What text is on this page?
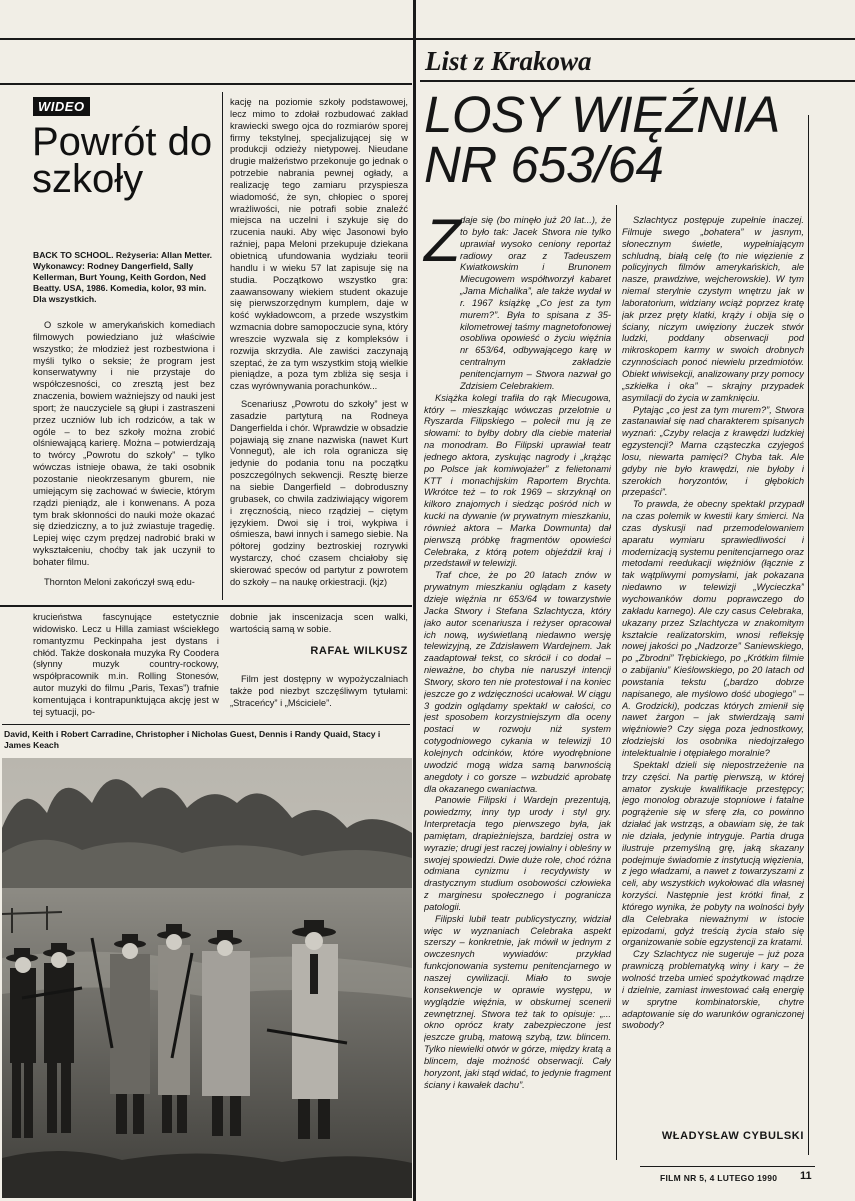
WIDEO
Powrót do szkoły
BACK TO SCHOOL. Reżyseria: Allan Metter. Wykonawcy: Rodney Dangerfield, Sally Kellerman, Burt Young, Keith Gordon, Ned Beatty. USA, 1986. Komedia, kolor, 93 min. Dla wszystkich.

O szkole w amerykańskich komediach filmowych powiedziano już właściwie wszystko; że młodzież jest rozbestwiona i myśli tylko o seksie; że program jest konserwatywny i nie przystaje do współczesności, co zresztą jest bez znaczenia, bowiem ważniejszy od nauki jest sport; że nauczyciele są głupi i zastraszeni przez uczniów lub ich rodziców, a tak w ogóle – to bez szkoły można zrobić olśniewającą karierę. Można – potwierdzają to twórcy „Powrotu do szkoły” – tylko wówczas istnieje obawa, że taki osobnik pozostanie nieokrzesanym gburem, nie umiejącym się zachować w świecie, którym rządzi pieniądz, ale i konwenans. A poza tym brak skłonności do nauki może okazać się dziedziczny, a to już zwiastuje tragedię. Lepiej więc czym prędzej nadrobić braki w wykształceniu, choćby tak jak uczynił to bohater filmu.

Thornton Meloni zakończył swą edu-

kację na poziomie szkoły podstawowej, lecz mimo to zdołał rozbudować zakład krawiecki swego ojca do rozmiarów sporej firmy tekstylnej, specjalizującej się w produkcji odzieży nietypowej. Nieudane drugie małżeństwo przekonuje go jednak o potrzebie nabrania pewnej ogłady, a realizację tego zamiaru przyspiesza wiadomość, że syn, chłopiec o sporej wrażliwości, nie potrafi sobie znaleźć miejsca na uczelni i szykuje się do rzucenia nauki. Aby więc Jasonowi było raźniej, papa Meloni przekupuje dziekana obietnicą ufundowania wydziału teorii handlu i w wieku 57 lat zapisuje się na studia. Początkowo wszystko gra: zaawansowany wiekiem student okazuje się pierwszorzędnym kumplem, daje w kość wykładowcom, a przede wszystkim wzmacnia dobre samopoczucie syna, który wreszcie wyzwala się z kompleksów i rozwija skrzydła. Ale zawiści zaczynają szeptać, że za tym wszystkim stoją wielkie pieniądze, a poza tym zbliża się sesja i czas wyrównywania porachunków...

Scenariusz „Powrotu do szkoły” jest w zasadzie partyturą na Rodneya Dangerfielda i chór. Wprawdzie w obsadzie pojawiają się znane nazwiska (nawet Kurt Vonnegut), ale ich rola ogranicza się jedynie do podania tonu na początku poszczególnych sekwencji. Resztę bierze na siebie Dangerfield – dobroduszny grubasek, co chwila zadziwiający wigorem i zręcznością, nieco rządziej – ciętym językiem. Dwoi się i troi, wykpiwa i ośmiesza, bawi innych i samego siebie. Na półtorej godziny beztroskiej rozrywki wystarczy, choć czasem chciałoby się skierować speców od partytur z powrotem do szkoły – na naukę orkiestracji. (kjz)

krucieństwa fascynujące estetycznie widowisko. Lecz u Hilla zamiast wściekłego romantyzmu Peckinpaha jest dystans i chłód. Także doskonała muzyka Ry Coodera (słynny muzyk country-rockowy, współpracownik m.in. Rolling Stonesów, autor muzyki do filmu „Paris, Texas”) trafnie komentująca i kontrapunktująca akcję jest w tej sytuacji, po-

dobnie jak inscenizacja scen walki, wartością samą w sobie.

RAFAŁ WILKUSZ

Film jest dostępny w wypożyczalniach także pod niezbyt szczęśliwym tytułami: „Straceńcy” i „Mściciele”.

David, Keith i Robert Carradine, Christopher i Nicholas Guest, Dennis i Randy Quaid, Stacy i James Keach
List z Krakowa
LOSY WIĘŹNIA NR 653/64
Z daje się (bo minęło już 20 lat...), że to było tak: Jacek Stwora nie tylko uprawiał wysoko ceniony reportaż radiowy oraz z Tadeuszem Kwiatkowskim i Brunonem Miecugowem współtworzył kabaret „Jama Michalika”, ale także wydał w r. 1967 książkę „Co jest za tym murem?”. Była to spisana z 35-kilometrowej taśmy magnetofonowej osobliwa opowieść o życiu więźnia nr 653/64, odbywającego karę w centralnym zakładzie penitencjarnym – Stwora nazwał go Zdzisiem Celebrakiem.

Książka kolegi trafiła do rąk Miecugowa, który – mieszkając wówczas przelotnie u Ryszarda Filipskiego – polecił mu ją ze słowami: to byłby dobry dla ciebie materiał na monodram. Bo Filipski uprawiał teatr jednego aktora, zyskując nagrody i „krążąc po Polsce jak komiwojażer” z felietonami KTT i monachijskim Raportem Brychta. Wkrótce też – to rok 1969 – skrzyknął on kilkoro znajomych i siedząc pośród nich w kucki na dywanie (w prywatnym mieszkaniu, również aktora – Marka Dowmunta) dał pierwszą próbkę fragmentów opowieści Celebraka, z którą potem objeździł kraj i przedstawił w telewizji.

Traf chce, że po 20 latach znów w prywatnym mieszkaniu oglądam z kasety dzieje więźnia nr 653/64 w towarzystwie Jacka Stwory i Stefana Szlachtycza, który jako autor scenariusza i reżyser opracował ich nową, wyświetlaną niedawno wersję telewizyjną, ze Zdzisławem Wardejnem. Jak zaadaptował tekst, co skrócił i co dodał – nieważne, bo chyba nie naruszył intencji Stwory, skoro ten nie protestował i na koniec jeszcze go z wdzięczności ucałował. W ciągu 3 godzin oglądamy spektakl w całości, co jest sposobem korzystniejszym dla oceny postaci w rozwoju niż system cotygodniowego cykania w telewizji 10 kolejnych odcinków, które wyodrębnione uwodzić mogą widza samą barwnością anegdoty i co gorsze – wzbudzić aprobatę dla okazanego cwaniactwa.

Panowie Filipski i Wardejn prezentują, powiedzmy, inny typ urody i styl gry. Interpretacja tego pierwszego była, jak pamiętam, drapieżniejsza, bardziej ostra w wyrazie; drugi jest raczej jowialny i obleśny w swojej spowiedzi. Dwie duże role, choć różna odmiana cynizmu i recydywisty w drastycznym studium osobowości człowieka z marginesu społecznego i pogranicza patologii.

Filipski lubił teatr publicystyczny, widział więc w wyznaniach Celebraka aspekt szerszy – konkretnie, jak mówił w jednym z owczesnych wywiadów: przykład funkcjonowania systemu penitencjarnego w naszej cywilizacji. Miało to swoje konsekwencje w oprawie występu, w wyglądzie więźnia, w obskurnej scenerii zewnętrznej. Stwora też tak to opisuje: „... okno oprócz kraty zabezpieczone jest jeszcze grubą, matową szybą, tzw. blincem. Tylko niewielki otwór w górze, między kratą a blincem, daje możność obserwacji. Cały horyzont, jaki stąd widać, to jedynie fragment ściany i kawałek dachu”.

Szlachtycz postępuje zupełnie inaczej. Filmuje swego „bohatera” w jasnym, słonecznym świetle, wypełniającym schludną, białą celę (to nie więzienie z policyjnych filmów amerykańskich, ale nasze, prawdziwe, wejcherowskie). W tym niemal sterylnie czystym wnętrzu jak w laboratorium, widziany wciąż poprzez kratę jak przez pręty klatki, krąży i obija się o ściany, niczym uwięziony żuczek stwór ludzki, poddany obserwacji pod mikroskopem karmy w swoich drobnych czynnościach ponoć niewielu przedmiotów. Obiekt wiwisekcji, analizowany przy pomocy „szkiełka i oka” – skrajny przypadek asymilacji do życia w zamknięciu.

Pytając „co jest za tym murem?”, Stwora zastanawiał się nad charakterem spisanych wyznań: „Czyby relacja z krawędzi ludzkiej egzystencji? Marna cząsteczka czyjegoś losu, niewarta pamięci? Chyba tak. Ale gdyby nie było krawędzi, nie byłoby i szerokich horyzontów, i głębokich przepaści”.

To prawda, że obecny spektakl przypadł na czas polemik w kwestii kary śmierci. Na czas dyskusji nad przemodelowaniem aparatu wymiaru sprawiedliwości i modernizacją systemu penitencjarnego oraz metodami reedukacji więźniów (łącznie z tak wątpliwymi pomysłami, jak pokazana niedawno w telewizji „Wycieczka” wychowanków domu poprawczego do zakładu karnego). Ale czy casus Celebraka, ukazany przez Szlachtycza w znakomitym kształcie realizatorskim, wnosi refleksję nowej jakości po „Nadzorze” Saniewskiego, po „Zbrodni” Trębickiego, po „Krótkim filmie o zabijaniu” Kieślowskiego, po 20 latach od powstania tekstu („bardzo dobrze napisanego, ale myślowo dość ubogiego” – A. Grodzicki), podczas których zmienił się nawet żargon – jak stwierdzają sami więźniowie? Czy sięga poza jednostkowy, złodziejski los osobnika niedojrzałego intelektualnie i otępiałego moralnie?

Spektakl dzieli się niepostrzeżenie na trzy części. Na partię pierwszą, w której amator zyskuje kwalifikacje przestępcy; jego monolog obrazuje stopniowe i fatalne pogrążenie się w sferę zła, co powinno działać jak wstrząs, a obawiam się, że tak nie działa, jedynie intryguje. Partia druga ilustruje przemyślną grę, jaką skazany podejmuje świadomie z instytucją więzienia, z jego władzami, a nawet z towarzyszami z celi, aby wszystkich wykołować dla własnej korzyści. Następnie jest krótki finał, z którego wynika, że pobyty na wolności były dla Celebraka nieważnymi w istocie epizodami, gdyż treścią życia stało się organizowanie sobie egzystencji za kratami.

Czy Szlachtycz nie sugeruje – już poza prawniczą problematyką winy i kary – że wolność trzeba umieć spożytkować mądrze i dzielnie, zamiast inwestować całą energię w sprytne kombinatorskie, chytre adaptowanie się do warunków ograniczonej swobody?

WŁADYSŁAW CYBULSKI
FILM NR 5, 4 LUTEGO 1990 11
